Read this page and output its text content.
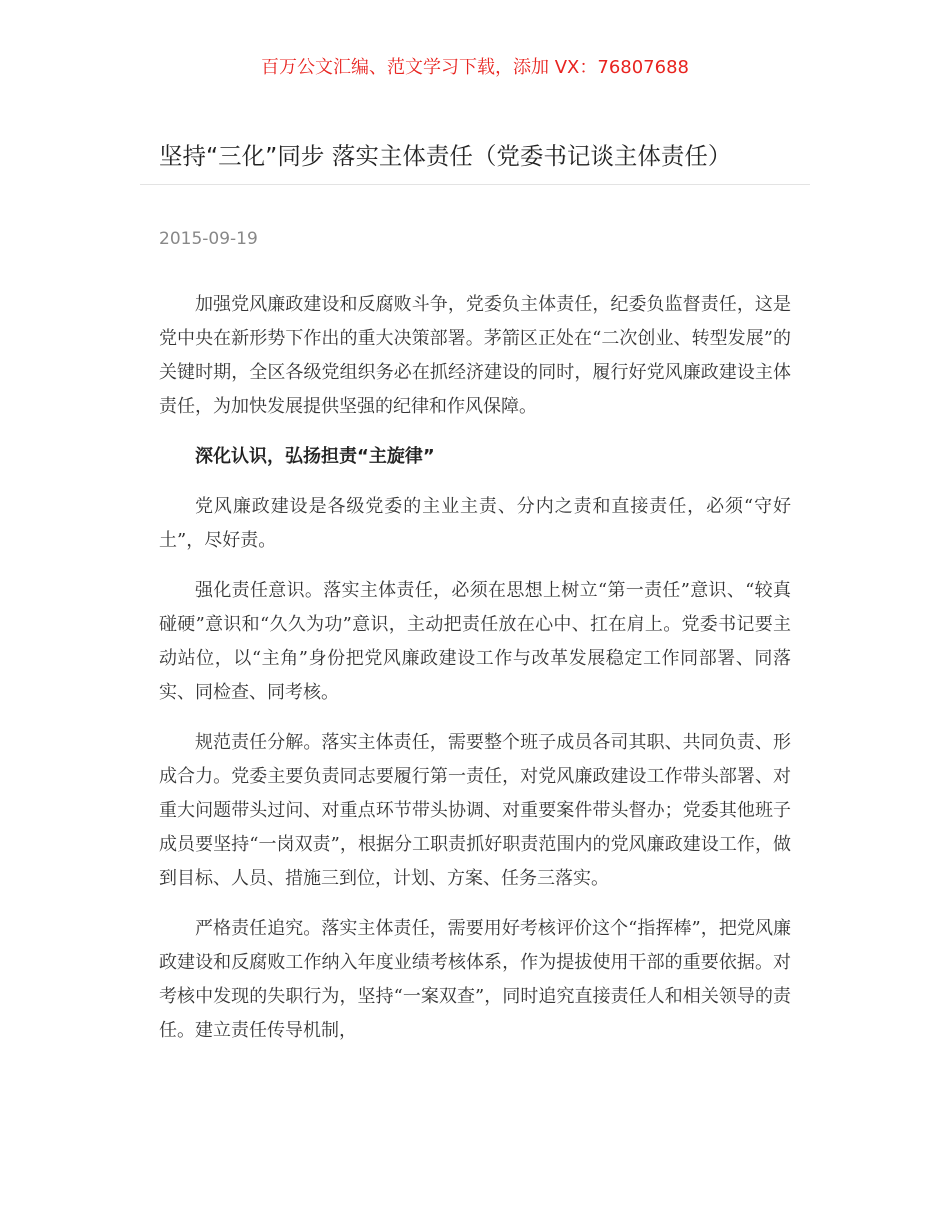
百万公文汇编、范文学习下载，添加 VX：76807688
坚持“三化”同步 落实主体责任（党委书记谈主体责任）
2015-09-19

加强党风廉政建设和反腐败斗争，党委负主体责任，纪委负监督责任，这是党中央在新形势下作出的重大决策部署。茅箭区正处在“二次创业、转型发展”的关键时期，全区各级党组织务必在抓经济建设的同时，履行好党风廉政建设主体责任，为加快发展提供坚强的纪律和作风保障。

深化认识，弘扬担责“主旋律”

党风廉政建设是各级党委的主业主责、分内之责和直接责任，必须“守好土”，尽好责。

强化责任意识。落实主体责任，必须在思想上树立“第一责任”意识、“较真碰硬”意识和“久久为功”意识，主动把责任放在心中、扛在肩上。党委书记要主动站位，以“主角”身份把党风廉政建设工作与改革发展稳定工作同部署、同落实、同检查、同考核。

规范责任分解。落实主体责任，需要整个班子成员各司其职、共同负责、形成合力。党委主要负责同志要履行第一责任，对党风廉政建设工作带头部署、对重大问题带头过问、对重点环节带头协调、对重要案件带头督办；党委其他班子成员要坚持“一岗双责”，根据分工职责抓好职责范围内的党风廉政建设工作，做到目标、人员、措施三到位，计划、方案、任务三落实。

严格责任追究。落实主体责任，需要用好考核评价这个“指挥棒”，把党风廉政建设和反腐败工作纳入年度业绩考核体系，作为提拔使用干部的重要依据。对考核中发现的失职行为，坚持“一案双查”，同时追究直接责任人和相关领导的责任。建立责任传导机制，
